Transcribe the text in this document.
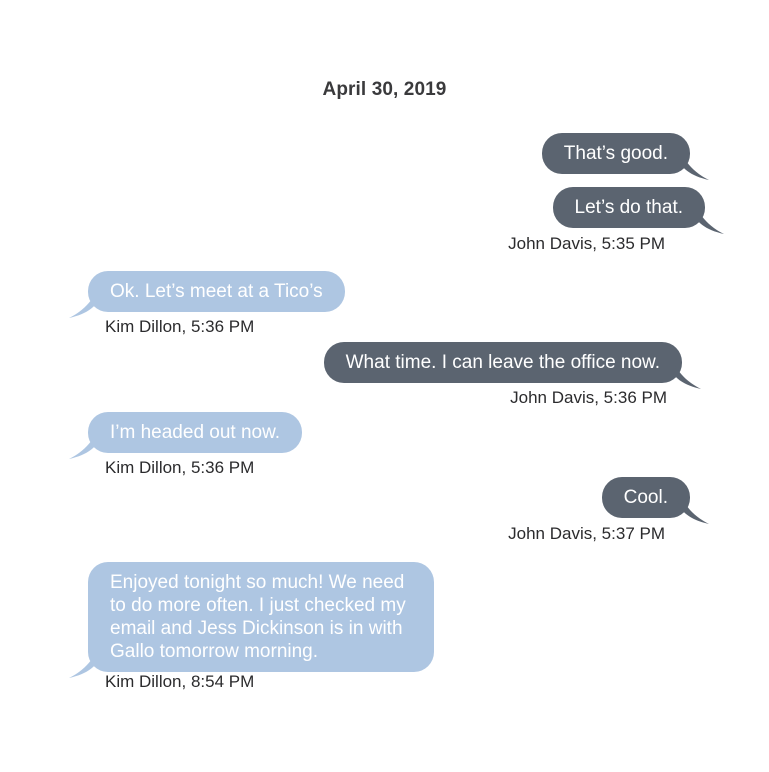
April 30, 2019
That’s good.
Let’s do that.
John Davis, 5:35 PM
Ok. Let’s meet at a Tico’s
Kim Dillon, 5:36 PM
What time. I can leave the office now.
John Davis, 5:36 PM
I’m headed out now.
Kim Dillon, 5:36 PM
Cool.
John Davis, 5:37 PM
Enjoyed tonight so much! We need to do more often. I just checked my email and Jess Dickinson is in with Gallo tomorrow morning.
Kim Dillon, 8:54 PM
